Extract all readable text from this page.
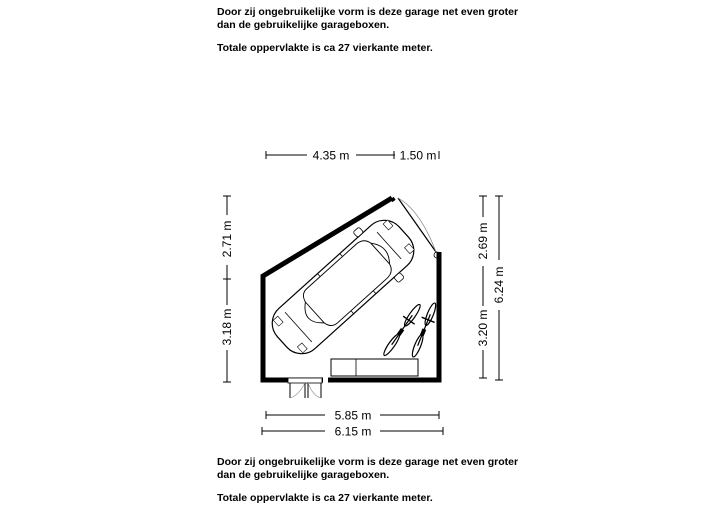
Door zij ongebruikelijke vorm is deze garage net even groter

dan de gebruikelijke garageboxen.

Totale oppervlakte is ca 27 vierkante meter.

4.35 m	1.50 m
2.71 m
3.18 m
2.69 m
3.20 m
6.24 m
5.85 m
6.15 m

Door zij ongebruikelijke vorm is deze garage net even groter

dan de gebruikelijke garageboxen.

Totale oppervlakte is ca 27 vierkante meter.
